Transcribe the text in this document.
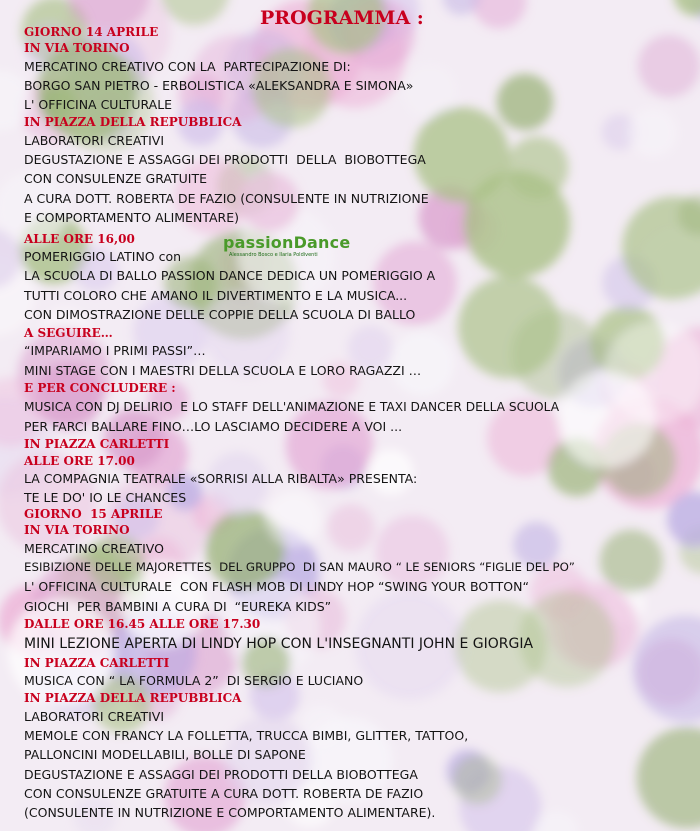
PROGRAMMA :
GIORNO 14 APRILE
IN VIA TORINO
MERCATINO CREATIVO CON LA  PARTECIPAZIONE DI:
BORGO SAN PIETRO - ERBOLISTICA «ALEKSANDRA E SIMONA»
L' OFFICINA CULTURALE
IN PIAZZA DELLA REPUBBLICA
LABORATORI CREATIVI
DEGUSTAZIONE E ASSAGGI DEI PRODOTTI  DELLA  BIOBOTTEGA
CON CONSULENZE GRATUITE
A CURA DOTT. ROBERTA DE FAZIO (CONSULENTE IN NUTRIZIONE
E COMPORTAMENTO ALIMENTARE)
ALLE ORE 16,00
POMERIGGIO LATINO con
passionDance
Alessandro Bosco e Ilaria Poldiventi
LA SCUOLA DI BALLO PASSION DANCE DEDICA UN POMERIGGIO A
TUTTI COLORO CHE AMANO IL DIVERTIMENTO E LA MUSICA...
CON DIMOSTRAZIONE DELLE COPPIE DELLA SCUOLA DI BALLO
A SEGUIRE…
“IMPARIAMO I PRIMI PASSI”…
MINI STAGE CON I MAESTRI DELLA SCUOLA E LORO RAGAZZI …
E PER CONCLUDERE :
MUSICA CON DJ DELIRIO  E LO STAFF DELL'ANIMAZIONE E TAXI DANCER DELLA SCUOLA
PER FARCI BALLARE FINO…LO LASCIAMO DECIDERE A VOI ...
IN PIAZZA CARLETTI
ALLE ORE 17.00
LA COMPAGNIA TEATRALE «SORRISI ALLA RIBALTA» PRESENTA:
TE LE DO' IO LE CHANCES
GIORNO  15 APRILE
IN VIA TORINO
MERCATINO CREATIVO
ESIBIZIONE DELLE MAJORETTES  DEL GRUPPO  DI SAN MAURO “ LE SENIORS “FIGLIE DEL PO”
L' OFFICINA CULTURALE  CON FLASH MOB DI LINDY HOP “SWING YOUR BOTTON“
GIOCHI  PER BAMBINI A CURA DI  “EUREKA KIDS”
DALLE ORE 16.45 ALLE ORE 17.30
MINI LEZIONE APERTA DI LINDY HOP CON L'INSEGNANTI JOHN E GIORGIA
IN PIAZZA CARLETTI
MUSICA CON “ LA FORMULA 2”  DI SERGIO E LUCIANO
IN PIAZZA DELLA REPUBBLICA
LABORATORI CREATIVI
MEMOLE CON FRANCY LA FOLLETTA, TRUCCA BIMBI, GLITTER, TATTOO,
PALLONCINI MODELLABILI, BOLLE DI SAPONE
DEGUSTAZIONE E ASSAGGI DEI PRODOTTI DELLA BIOBOTTEGA
CON CONSULENZE GRATUITE A CURA DOTT. ROBERTA DE FAZIO
(CONSULENTE IN NUTRIZIONE E COMPORTAMENTO ALIMENTARE).
